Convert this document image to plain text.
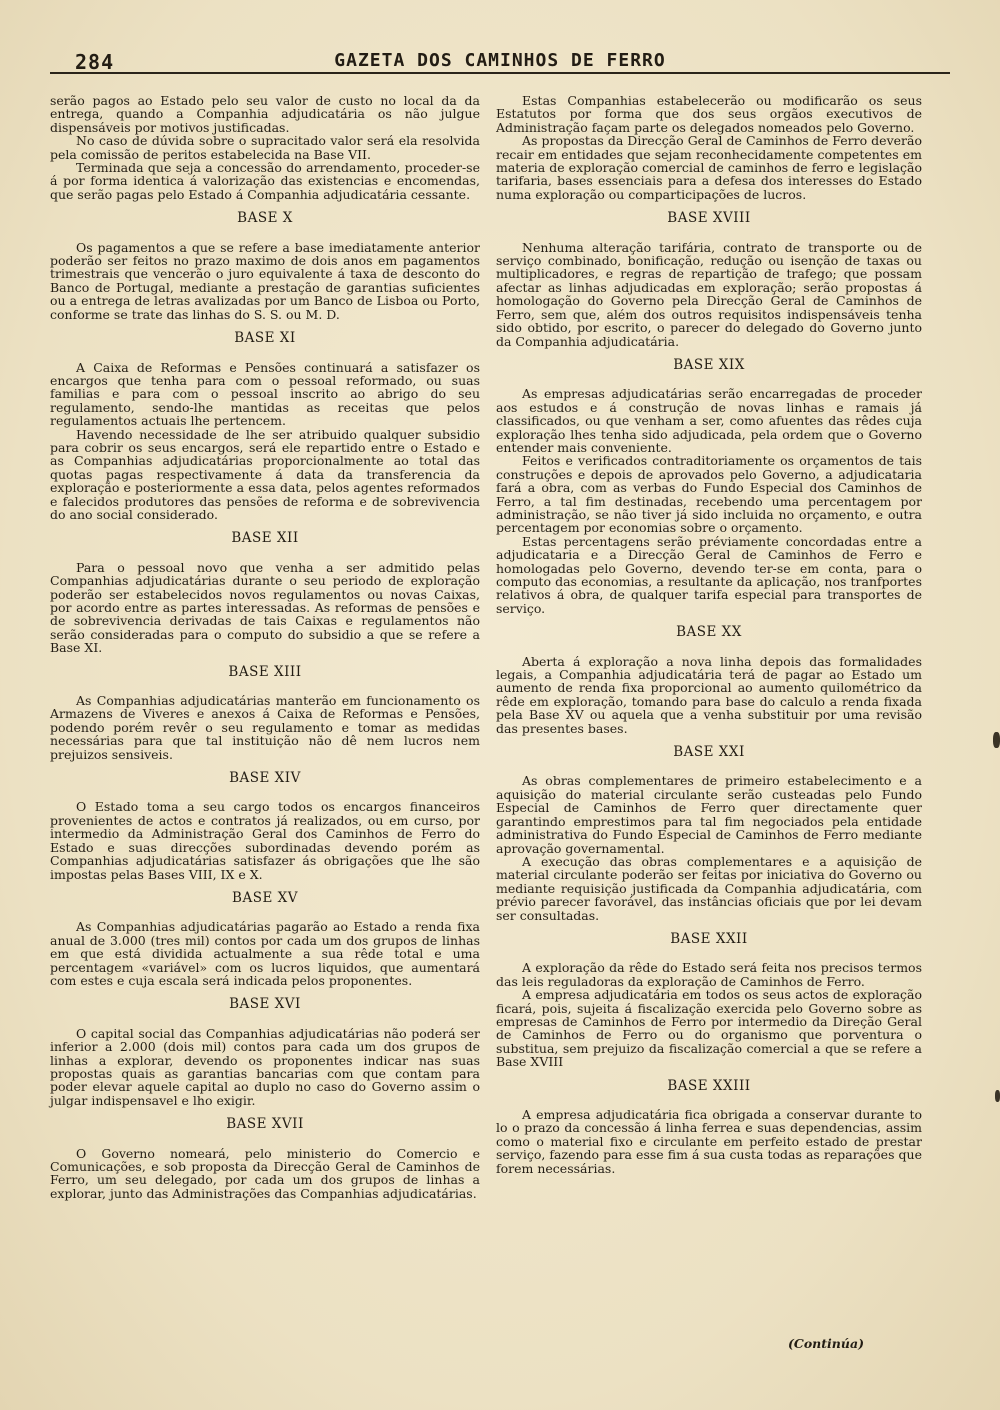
284	GAZETA DOS CAMINHOS DE FERRO

serão pagos ao Estado pelo seu valor de custo no local da da entrega, quando a Companhia adjudicatária os não julgue dispensáveis por motivos justificadas.

No caso de dúvida sobre o supracitado valor será ela resolvida pela comissão de peritos estabelecida na Base VII.

Terminada que seja a concessão do arrendamento, proceder-se á por forma identica á valorização das existencias e encomendas, que serão pagas pelo Estado á Companhia adjudicatária cessante.

BASE X

Os pagamentos a que se refere a base imediatamente anterior poderão ser feitos no prazo maximo de dois anos em pagamentos trimestrais que vencerão o juro equivalente á taxa de desconto do Banco de Portugal, mediante a prestação de garantias suficientes ou a entrega de letras avalizadas por um Banco de Lisboa ou Porto, conforme se trate das linhas do S. S. ou M. D.

BASE XI

A Caixa de Reformas e Pensões continuará a satisfazer os encargos que tenha para com o pessoal reformado, ou suas familias e para com o pessoal inscrito ao abrigo do seu regulamento, sendo-lhe mantidas as receitas que pelos regulamentos actuais lhe pertencem.

Havendo necessidade de lhe ser atribuido qualquer subsidio para cobrir os seus encargos, será ele repartido entre o Estado e as Companhias adjudicatárias proporcionalmente ao total das quotas pagas respectivamente á data da transferencia da exploração e posteriormente a essa data, pelos agentes reformados e falecidos produtores das pensões de reforma e de sobrevivencia do ano social considerado.

BASE XII

Para o pessoal novo que venha a ser admitido pelas Companhias adjudicatárias durante o seu periodo de exploração poderão ser estabelecidos novos regulamentos ou novas Caixas, por acordo entre as partes interessadas. As reformas de pensões e de sobrevivencia derivadas de tais Caixas e regulamentos não serão consideradas para o computo do subsidio a que se refere a Base XI.

BASE XIII

As Companhias adjudicatárias manterão em funcionamento os Armazens de Viveres e anexos á Caixa de Reformas e Pensões, podendo porém revêr o seu regulamento e tomar as medidas necessárias para que tal instituição não dê nem lucros nem prejuizos sensiveis.

BASE XIV

O Estado toma a seu cargo todos os encargos financeiros provenientes de actos e contratos já realizados, ou em curso, por intermedio da Administração Geral dos Caminhos de Ferro do Estado e suas direcções subordinadas devendo porém as Companhias adjudicatárias satisfazer ás obrigações que lhe são impostas pelas Bases VIII, IX e X.

BASE XV

As Companhias adjudicatárias pagarão ao Estado a renda fixa anual de 3.000 (tres mil) contos por cada um dos grupos de linhas em que está dividida actualmente a sua rêde total e uma percentagem «variável» com os lucros liquidos, que aumentará com estes e cuja escala será indicada pelos proponentes.

BASE XVI

O capital social das Companhias adjudicatárias não poderá ser inferior a 2.000 (dois mil) contos para cada um dos grupos de linhas a explorar, devendo os proponentes indicar nas suas propostas quais as garantias bancarias com que contam para poder elevar aquele capital ao duplo no caso do Governo assim o julgar indispensavel e lho exigir.

BASE XVII

O Governo nomeará, pelo ministerio do Comercio e Comunicações, e sob proposta da Direcção Geral de Caminhos de Ferro, um seu delegado, por cada um dos grupos de linhas a explorar, junto das Administrações das Companhias adjudicatárias.

Estas Companhias estabelecerão ou modificarão os seus Estatutos por forma que dos seus orgãos executivos de Administração façam parte os delegados nomeados pelo Governo.

As propostas da Direcção Geral de Caminhos de Ferro deverão recair em entidades que sejam reconhecidamente competentes em materia de exploração comercial de caminhos de ferro e legislação tarifaria, bases essenciais para a defesa dos interesses do Estado numa exploração ou comparticipações de lucros.

BASE XVIII

Nenhuma alteração tarifária, contrato de transporte ou de serviço combinado, bonificação, redução ou isenção de taxas ou multiplicadores, e regras de repartição de trafego; que possam afectar as linhas adjudicadas em exploração; serão propostas á homologação do Governo pela Direcção Geral de Caminhos de Ferro, sem que, além dos outros requisitos indispensáveis tenha sido obtido, por escrito, o parecer do delegado do Governo junto da Companhia adjudicatária.

BASE XIX

As empresas adjudicatárias serão encarregadas de proceder aos estudos e á construção de novas linhas e ramais já classificados, ou que venham a ser, como afuentes das rêdes cuja exploração lhes tenha sido adjudicada, pela ordem que o Governo entender mais conveniente.

Feitos e verificados contraditoriamente os orçamentos de tais construções e depois de aprovados pelo Governo, a adjudicataria fará a obra, com as verbas do Fundo Especial dos Caminhos de Ferro, a tal fim destinadas, recebendo uma percentagem por administração, se não tiver já sido incluida no orçamento, e outra percentagem por economias sobre o orçamento.

Estas percentagens serão préviamente concordadas entre a adjudicataria e a Direcção Geral de Caminhos de Ferro e homologadas pelo Governo, devendo ter-se em conta, para o computo das economias, a resultante da aplicação, nos tranfportes relativos á obra, de qualquer tarifa especial para transportes de serviço.

BASE XX

Aberta á exploração a nova linha depois das formalidades legais, a Companhia adjudicatária terá de pagar ao Estado um aumento de renda fixa proporcional ao aumento quilométrico da rêde em exploração, tomando para base do calculo a renda fixada pela Base XV ou aquela que a venha substituir por uma revisão das presentes bases.

BASE XXI

As obras complementares de primeiro estabelecimento e a aquisição do material circulante serão custeadas pelo Fundo Especial de Caminhos de Ferro quer directamente quer garantindo emprestimos para tal fim negociados pela entidade administrativa do Fundo Especial de Caminhos de Ferro mediante aprovação governamental.

A execução das obras complementares e a aquisição de material circulante poderão ser feitas por iniciativa do Governo ou mediante requisição justificada da Companhia adjudicatária, com prévio parecer favorável, das instâncias oficiais que por lei devam ser consultadas.

BASE XXII

A exploração da rêde do Estado será feita nos precisos termos das leis reguladoras da exploração de Caminhos de Ferro.

A empresa adjudicatária em todos os seus actos de exploração ficará, pois, sujeita á fiscalização exercida pelo Governo sobre as empresas de Caminhos de Ferro por intermedio da Direção Geral de Caminhos de Ferro ou do organismo que porventura o substitua, sem prejuizo da fiscalização comercial a que se refere a Base XVIII

BASE XXIII

A empresa adjudicatária fica obrigada a conservar durante to lo o prazo da concessão á linha ferrea e suas dependencias, assim como o material fixo e circulante em perfeito estado de prestar serviço, fazendo para esse fim á sua custa todas as reparações que forem necessárias.

(Continúa)
